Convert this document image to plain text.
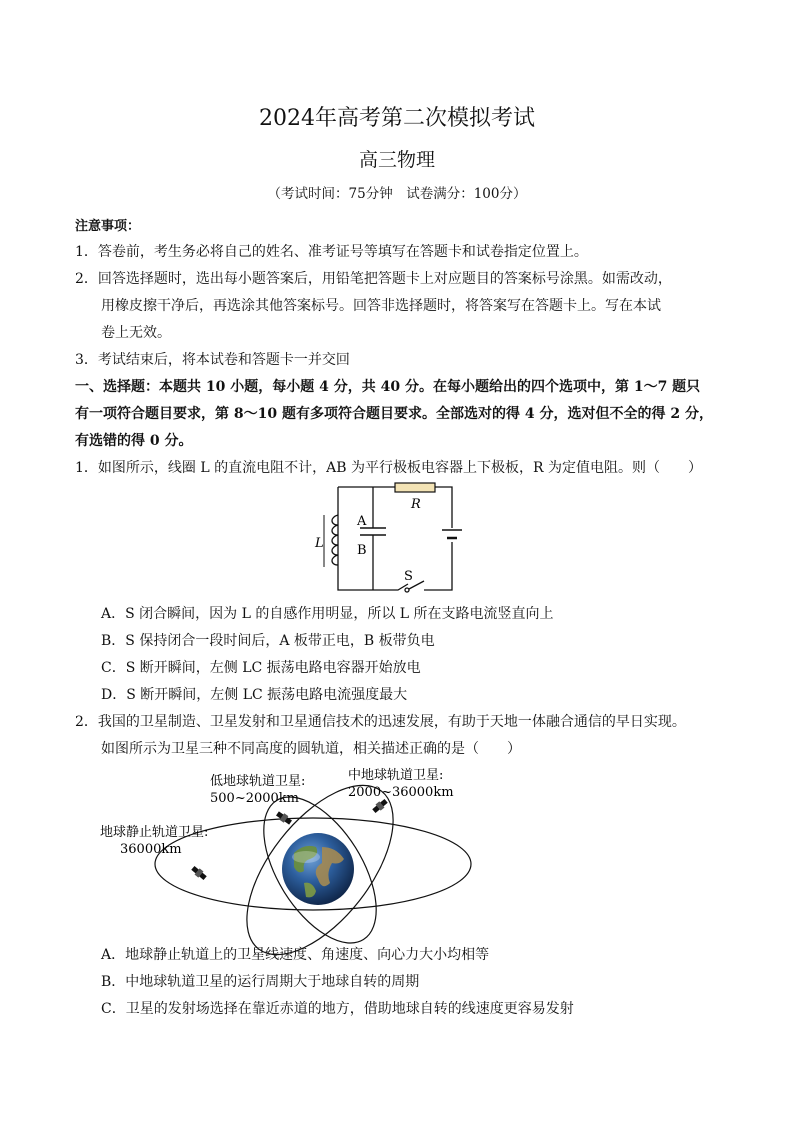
2024年高考第二次模拟考试
高三物理
（考试时间：75分钟　试卷满分：100分）
注意事项：
1．答卷前，考生务必将自己的姓名、准考证号等填写在答题卡和试卷指定位置上。
2．回答选择题时，选出每小题答案后，用铅笔把答题卡上对应题目的答案标号涂黑。如需改动，
用橡皮擦干净后，再选涂其他答案标号。回答非选择题时，将答案写在答题卡上。写在本试
卷上无效。
3．考试结束后，将本试卷和答题卡一并交回
一、选择题：本题共 10 小题，每小题 4 分，共 40 分。在每小题给出的四个选项中，第 1～7 题只
有一项符合题目要求，第 8～10 题有多项符合题目要求。全部选对的得 4 分，选对但不全的得 2 分，
有选错的得 0 分。
1．如图所示，线圈 L 的直流电阻不计，AB 为平行极板电容器上下极板，R 为定值电阻。则（　　）
L
A
B
R
S
A．S 闭合瞬间，因为 L 的自感作用明显，所以 L 所在支路电流竖直向上
B．S 保持闭合一段时间后，A 板带正电，B 板带负电
C．S 断开瞬间，左侧 LC 振荡电路电容器开始放电
D．S 断开瞬间，左侧 LC 振荡电路电流强度最大
2．我国的卫星制造、卫星发射和卫星通信技术的迅速发展，有助于天地一体融合通信的早日实现。
如图所示为卫星三种不同高度的圆轨道，相关描述正确的是（　　）
低地球轨道卫星:
500~2000km
中地球轨道卫星:
2000~36000km
地球静止轨道卫星:
36000km
A．地球静止轨道上的卫星线速度、角速度、向心力大小均相等
B．中地球轨道卫星的运行周期大于地球自转的周期
C．卫星的发射场选择在靠近赤道的地方，借助地球自转的线速度更容易发射
